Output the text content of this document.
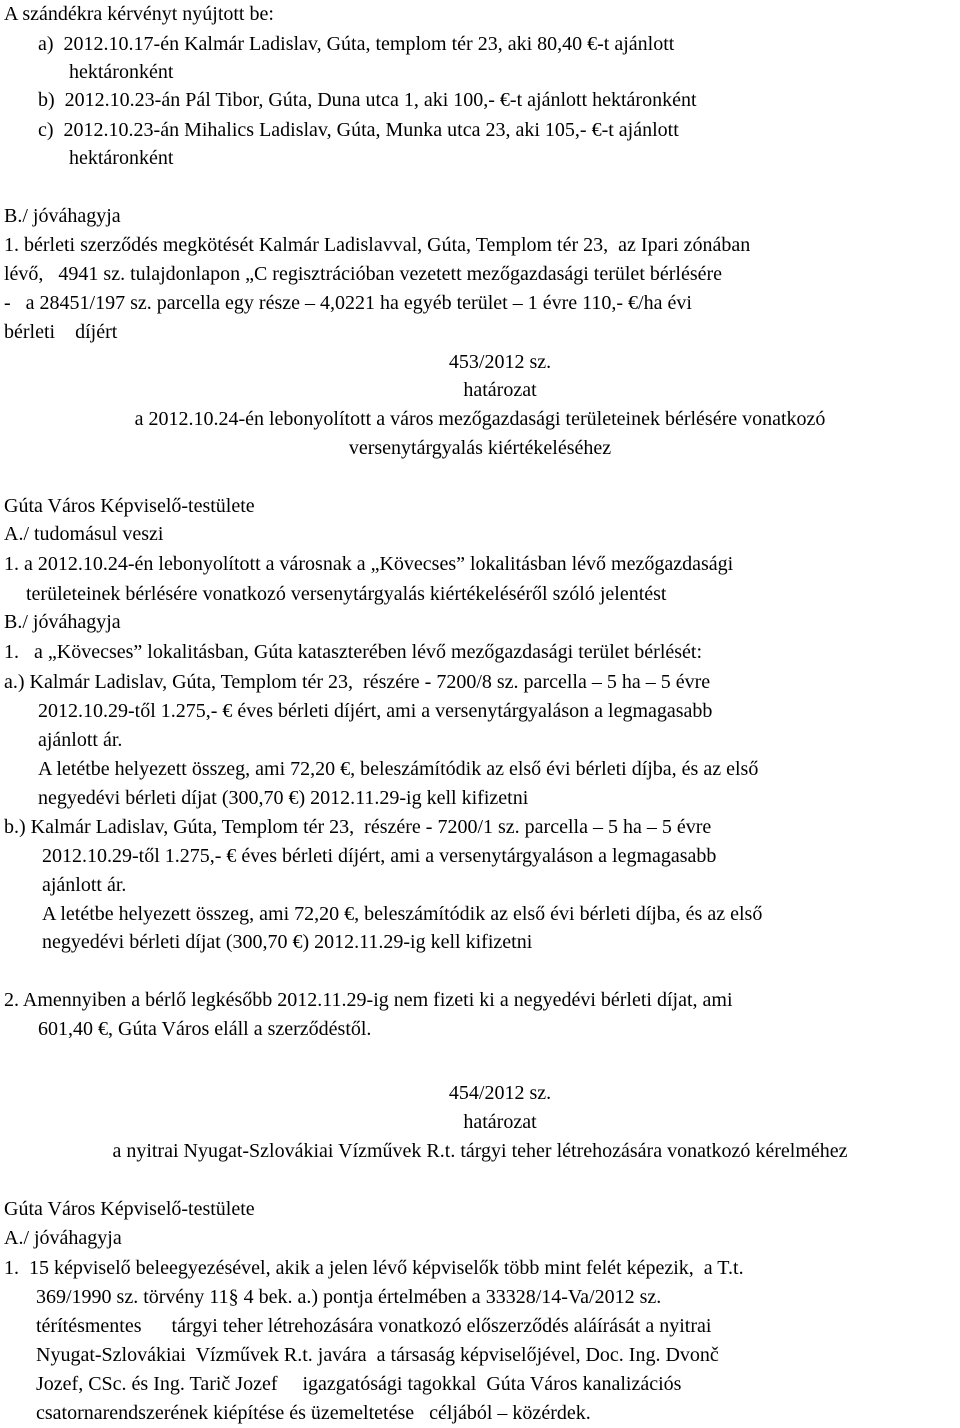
A szándékra kérvényt nyújtott be:
a)  2012.10.17-én Kalmár Ladislav, Gúta, templom tér 23, aki 80,40 €-t ajánlott
hektáronként
b)  2012.10.23-án Pál Tibor, Gúta, Duna utca 1, aki 100,- €-t ajánlott hektáronként
c)  2012.10.23-án Mihalics Ladislav, Gúta, Munka utca 23, aki 105,- €-t ajánlott
hektáronként
B./ jóváhagyja
1. bérleti szerződés megkötését Kalmár Ladislavval, Gúta, Templom tér 23,  az Ipari zónában
lévő,   4941 sz. tulajdonlapon „C regisztrációban vezetett mezőgazdasági terület bérlésére
-   a 28451/197 sz. parcella egy része – 4,0221 ha egyéb terület – 1 évre 110,- €/ha évi
bérleti    díjért
453/2012 sz.
határozat
a 2012.10.24-én lebonyolított a város mezőgazdasági területeinek bérlésére vonatkozó
versenytárgyalás kiértékeléséhez
Gúta Város Képviselő-testülete
A./ tudomásul veszi
1. a 2012.10.24-én lebonyolított a városnak a „Kövecses” lokalitásban lévő mezőgazdasági
területeinek bérlésére vonatkozó versenytárgyalás kiértékeléséről szóló jelentést
B./ jóváhagyja
1.   a „Kövecses” lokalitásban, Gúta kataszterében lévő mezőgazdasági terület bérlését:
a.) Kalmár Ladislav, Gúta, Templom tér 23,  részére - 7200/8 sz. parcella – 5 ha – 5 évre
2012.10.29-től 1.275,- € éves bérleti díjért, ami a versenytárgyaláson a legmagasabb
ajánlott ár.
A letétbe helyezett összeg, ami 72,20 €, beleszámítódik az első évi bérleti díjba, és az első
negyedévi bérleti díjat (300,70 €) 2012.11.29-ig kell kifizetni
b.) Kalmár Ladislav, Gúta, Templom tér 23,  részére - 7200/1 sz. parcella – 5 ha – 5 évre
2012.10.29-től 1.275,- € éves bérleti díjért, ami a versenytárgyaláson a legmagasabb
ajánlott ár.
A letétbe helyezett összeg, ami 72,20 €, beleszámítódik az első évi bérleti díjba, és az első
negyedévi bérleti díjat (300,70 €) 2012.11.29-ig kell kifizetni
2. Amennyiben a bérlő legkésőbb 2012.11.29-ig nem fizeti ki a negyedévi bérleti díjat, ami
601,40 €, Gúta Város eláll a szerződéstől.
454/2012 sz.
határozat
a nyitrai Nyugat-Szlovákiai Vízművek R.t. tárgyi teher létrehozására vonatkozó kérelméhez
Gúta Város Képviselő-testülete
A./ jóváhagyja
1.  15 képviselő beleegyezésével, akik a jelen lévő képviselők több mint felét képezik,  a T.t.
369/1990 sz. törvény 11§ 4 bek. a.) pontja értelmében a 33328/14-Va/2012 sz.
térítésmentes      tárgyi teher létrehozására vonatkozó előszerződés aláírását a nyitrai
Nyugat-Szlovákiai  Vízművek R.t. javára  a társaság képviselőjével, Doc. Ing. Dvonč
Jozef, CSc. és Ing. Tarič Jozef     igazgatósági tagokkal  Gúta Város kanalizációs
csatornarendszerének kiépítése és üzemeltetése   céljából – közérdek.
